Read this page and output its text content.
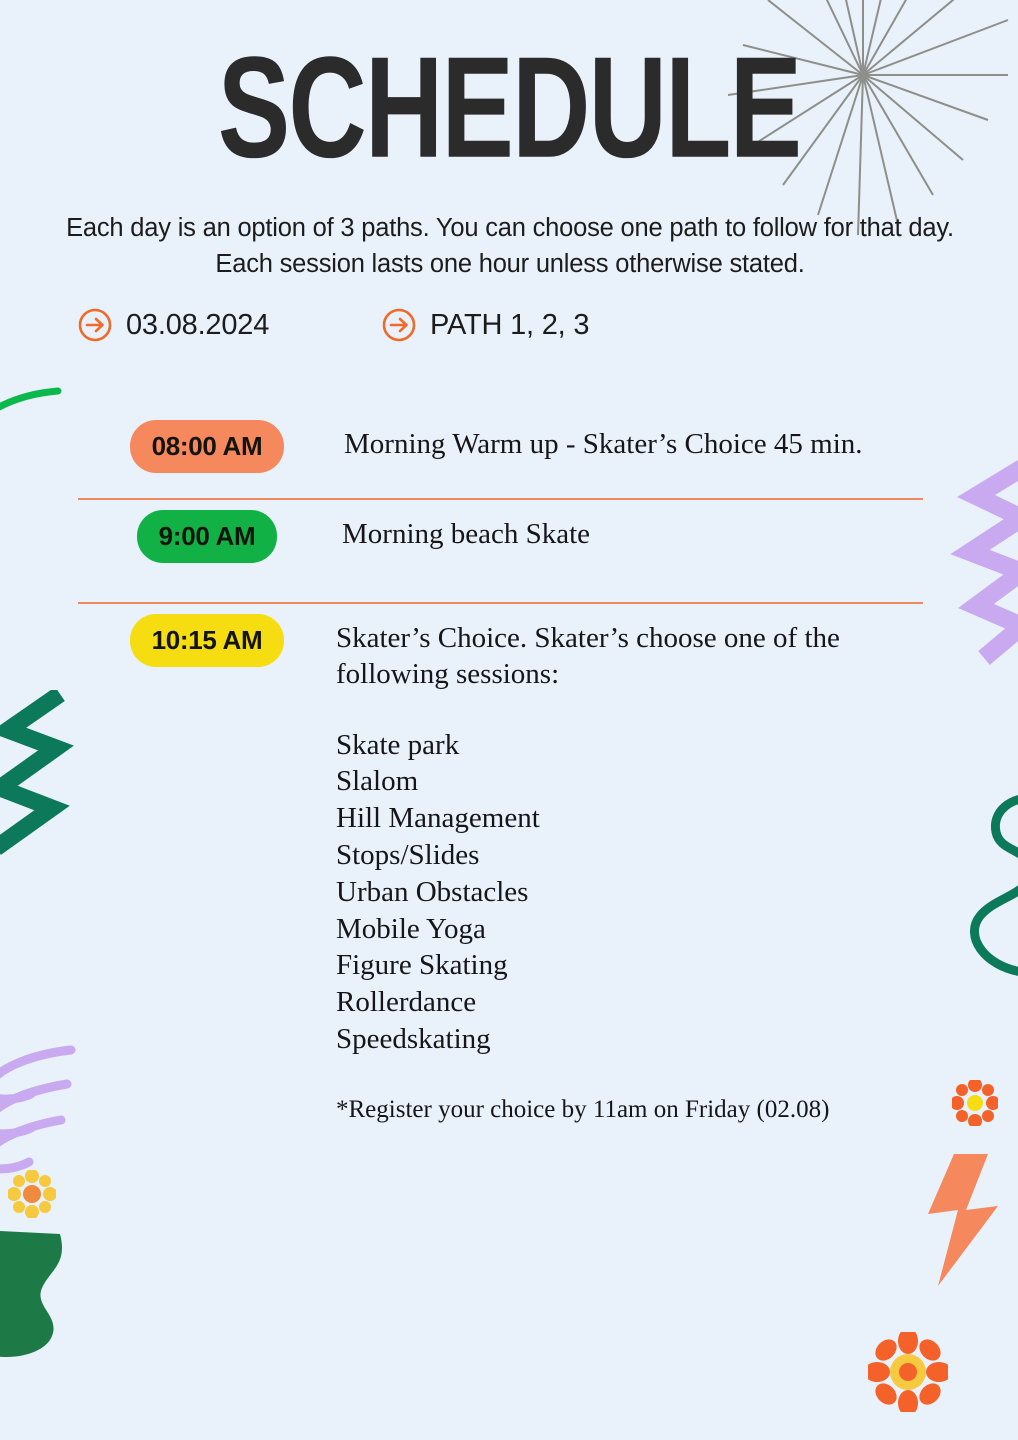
SCHEDULE
Each day is an option of 3 paths. You can choose one path to follow for that day. Each session lasts one hour unless otherwise stated.
03.08.2024	PATH 1, 2, 3
08:00 AM	Morning Warm up - Skater’s Choice 45 min.
9:00 AM	Morning beach Skate
10:15 AM	Skater’s Choice. Skater’s choose one of the following sessions:
Skate park
Slalom
Hill Management
Stops/Slides
Urban Obstacles
Mobile Yoga
Figure Skating
Rollerdance
Speedskating
*Register your choice by 11am on Friday (02.08)
